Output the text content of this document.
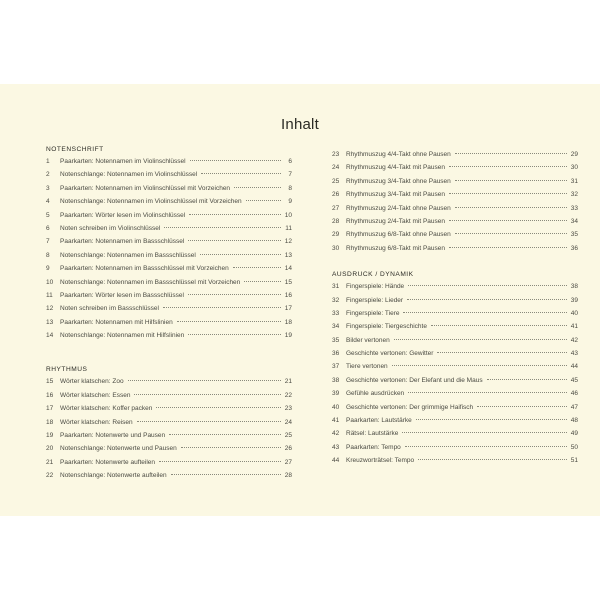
Inhalt
NOTENSCHRIFT
1	Paarkarten: Notennamen im Violinschlüssel	6
2	Notenschlange: Notennamen im Violinschlüssel	7
3	Paarkarten: Notennamen im Violinschlüssel mit Vorzeichen	8
4	Notenschlange: Notennamen im Violinschlüssel mit Vorzeichen	9
5	Paarkarten: Wörter lesen im Violinschlüssel	10
6	Noten schreiben im Violinschlüssel	11
7	Paarkarten: Notennamen im Bassschlüssel	12
8	Notenschlange: Notennamen im Bassschlüssel	13
9	Paarkarten: Notennamen im Bassschlüssel mit Vorzeichen	14
10	Notenschlange: Notennamen im Bassschlüssel mit Vorzeichen	15
11	Paarkarten: Wörter lesen im Bassschlüssel	16
12	Noten schreiben im Bassschlüssel	17
13	Paarkarten: Notennamen mit Hilfslinien	18
14	Notenschlange: Notennamen mit Hilfslinien	19
RHYTHMUS
15	Wörter klatschen: Zoo	21
16	Wörter klatschen: Essen	22
17	Wörter klatschen: Koffer packen	23
18	Wörter klatschen: Reisen	24
19	Paarkarten: Notenwerte und Pausen	25
20	Notenschlange: Notenwerte und Pausen	26
21	Paarkarten: Notenwerte aufteilen	27
22	Notenschlange: Notenwerte aufteilen	28
23	Rhythmuszug 4/4-Takt ohne Pausen	29
24	Rhythmuszug 4/4-Takt mit Pausen	30
25	Rhythmuszug 3/4-Takt ohne Pausen	31
26	Rhythmuszug 3/4-Takt mit Pausen	32
27	Rhythmuszug 2/4-Takt ohne Pausen	33
28	Rhythmuszug 2/4-Takt mit Pausen	34
29	Rhythmuszug 6/8-Takt ohne Pausen	35
30	Rhythmuszug 6/8-Takt mit Pausen	36
AUSDRUCK / DYNAMIK
31	Fingerspiele: Hände	38
32	Fingerspiele: Lieder	39
33	Fingerspiele: Tiere	40
34	Fingerspiele: Tiergeschichte	41
35	Bilder vertonen	42
36	Geschichte vertonen: Gewitter	43
37	Tiere vertonen	44
38	Geschichte vertonen: Der Elefant und die Maus	45
39	Gefühle ausdrücken	46
40	Geschichte vertonen: Der grimmige Haifisch	47
41	Paarkarten: Lautstärke	48
42	Rätsel: Lautstärke	49
43	Paarkarten: Tempo	50
44	Kreuzworträtsel: Tempo	51
